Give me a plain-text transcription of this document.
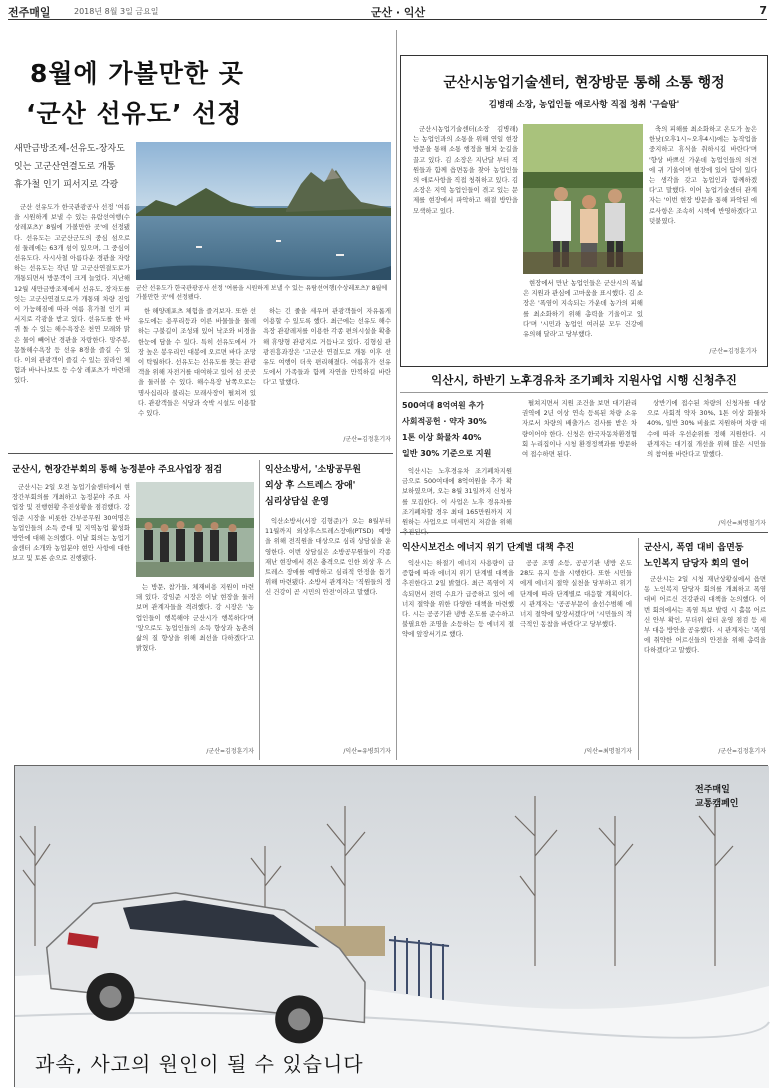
전주매일	2018년 8월 3일 금요일	군산 · 익산	7
8월에 가볼만한 곳
‘군산 선유도’ 선정
새만금방조제-선유도-장자도
잇는 고군산연결도로 개통
휴가철 인기 피서지로 각광
군산 선유도가 한국관광공사 선정 '여름을 시원하게 보낼 수 있는 유람선여행(수상레포츠)' 8월에 가볼만한 곳'에 선정됐다.

군산 선유도가 한국관광공사 선정 '여름을 시원하게 보낼 수 있는 유람선여행(수상레포츠)' 8월에 가볼만한 곳'에 선정됐다. 선유도는 고군산군도의 중심 섬으로 섬 둘레에는 63개 섬이 있으며, 그 중심이 선유도다. 사시사철 아름다운 경관을 자랑하는 선유도는 작년 말 고군산연결도로가 개통되면서 방문객이 크게 늘었다. 지난해 12월 새만금방조제에서 선유도, 장자도를 잇는 고군산연결도로가 개통돼 차량 진입이 가능해짐에 따라 여름 휴가철 인기 피서지로 각광을 받고 있다. 선유도를 한 바퀴 돌 수 있는 해수욕장은 천연 모래와 맑은 물이 빼어난 경관을 자랑한다. 망주봉, 몽돌해수욕장 등 선유 8경을 즐길 수 있다. 이외 관광객이 즐길 수 있는 짚라인 체험과 바나나보트 등 수상 레포츠가 마련돼 있다.

한 해양레포츠 체험을 즐겨보자. 또한 선유도에는 용푸리등과 이른 바물들을 물레하는 구불길이 조성돼 있어 낙조와 비경을 한눈에 담을 수 있다. 특히 선유도에서 가장 높은 봉우리인 대봉에 오르면 바다 조망이 탁월하다. 선유도는 선유도를 찾는 관광객을 위해 자전거를 대여하고 있어 섬 곳곳을 둘러볼 수 있다. 해수욕장 남쪽으로는 명사십리라 불리는 모래사장이 펼쳐져 있다. 관광객들은 식당과 숙박 시설도 이용할 수 있다.

하는 긴 줄을 세우며 관광객들이 자유롭게 이용할 수 있도록 했다. 최근에는 선유도 해수욕장 관광레저를 이용한 각종 편의시설을 확충해 휴양형 관광지로 거듭나고 있다. 김형심 관광진흥과장은 '고군산 연결도로 개통 이후 선유도 여행이 더욱 편리해졌다. 여름휴가 선유도에서 가족들과 함께 자연을 만끽하길 바란다'고 말했다.

/군산=김정훈기자
군산시농업기술센터, 현장방문 통해 소통 행정
김병래 소장, 농업인들 애로사항 직접 청취 '구슬땀'

군산시농업기술센터(소장 김병래)는 농업인과의 소통을 위해 연일 현장방문을 통해 소통 행정을 펼쳐 눈길을 끌고 있다. 김 소장은 지난달 부터 직원들과 함께 읍면동을 찾아 농업인들의 애로사항을 직접 청취하고 있다. 김 소장은 지역 농업인들이 겪고 있는 문제를 현장에서 파악하고 해결 방안을 모색하고 있다.

현장에서 만난 농업인들은 군산시의 폭넓은 지원과 관심에 고마움을 표시했다. 김 소장은 '폭염이 지속되는 가운데 농가의 피해를 최소화하기 위해 총력을 기울이고 있다'며 '시민과 농업인 여러분 모두 건강에 유의해 달라'고 당부했다.

축의 피해를 최소화하고 온도가 높은 한낮(오후1시~오후4시)에는 농작업을 중지하고 휴식을 취하시길 바란다'며 '향상 바쁘신 가운데 농업인들의 의견에 귀 기울이며 현장에 있어 답이 있다는 생각을 갖고 농업인과 함께하겠다'고 말했다. 이어 농업기술센터 관계자는 '이번 현장 방문을 통해 파악된 애로사항은 조속히 시책에 반영하겠다'고 덧붙였다.

/군산=김정훈기자
익산시, 하반기 노후경유차 조기폐차 지원사업 시행 신청추진
500여대 8억여원 추가
사회적공헌 · 약자 30%
1톤 이상 화물차 40%
일반 30% 기준으로 지원

익산시는 노후경유차 조기폐차지원 금으로 500여대에 8억여원을 추가 확보하였으며, 오는 8월 31일까지 신청자를 모집한다. 이 사업은 노후 경유차를 조기폐차할 경우 최대 165만원까지 지원하는 사업으로 미세먼지 저감을 위해 추진된다.

펼쳐지면서 지원 조건을 보면 대기관리권역에 2년 이상 연속 등록된 차량 소유자로서 차량의 배출가스 검사를 받은 차량이어야 한다. 신청은 한국자동차환경협회 누리집이나 시청 환경정책과를 방문하여 접수하면 된다.

상반기에 접수된 차량의 신청자를 대상으로 사회적 약자 30%, 1톤 이상 화물차 40%, 일반 30% 비율로 지원하며 차량 대수에 따라 우선순위를 정해 지원한다. 시 관계자는 대기질 개선을 위해 많은 시민들의 참여를 바란다고 말했다.

/익산=최명철기자
군산시, 현장간부회의 통해 농정분야 주요사업장 점검

군산시는 2일 오전 농업기술센터에서 현장간부회의를 개최하고 농정분야 주요 사업장 및 진행현황 추진상황을 점검했다. 강임준 시장을 비롯한 간부공무원 30여명은 농업인들의 소득 증대 및 지역농업 활성화 방안에 대해 논의했다. 이날 회의는 농업기술센터 소개와 농업분야 현안 사항에 대한 보고 및 토론 순으로 진행됐다.

는 방문, 참가들, 체재비용 지원이 마련돼 있다. 강임준 시장은 이날 현장을 둘러보며 관계자들을 격려했다. 강 시장은 '농업인들이 행복해야 군산시가 행복하다'며 '앞으로도 농업인들의 소득 향상과 농촌의 삶의 질 향상을 위해 최선을 다하겠다'고 밝혔다.

/군산=김정훈기자
익산소방서, '소방공무원
외상 후 스트레스 장애'
심리상담실 운영

익산소방서(서장 김형준)가 오는 8월부터 11월까지 외상후스트레스장애(PTSD) 예방을 위해 전직원을 대상으로 심리 상담실을 운영한다. 이번 상담실은 소방공무원들이 각종 재난 현장에서 겪은 충격으로 인한 외상 후 스트레스 장애를 예방하고 심리적 안정을 돕기 위해 마련됐다. 소방서 관계자는 '직원들의 정신 건강이 곧 시민의 안전'이라고 말했다.

/익산=유병희기자
익산시보건소 에너지 위기 단계별 대책 추진

익산시는 하절기 에너지 사용량이 급증함에 따라 에너지 위기 단계별 대책을 추진한다고 2일 밝혔다. 최근 폭염이 지속되면서 전력 수요가 급증하고 있어 에너지 절약을 위한 다양한 대책을 마련했다. 시는 공공기관 냉방 온도를 준수하고 불필요한 조명을 소등하는 등 에너지 절약에 앞장서기로 했다.

공공 조명 소등, 공공기관 냉방 온도 28도 유지 등을 시행한다. 또한 시민들에게 에너지 절약 실천을 당부하고 위기 단계에 따라 단계별로 대응할 계획이다. 시 관계자는 '공공부문이 솔선수범해 에너지 절약에 앞장서겠다'며 '시민들의 적극적인 동참을 바란다'고 당부했다.

/익산=최명철기자
군산시, 폭염 대비 읍면동
노인복지 담당자 회의 열어

군산시는 2일 시청 재난상황실에서 읍면동 노인복지 담당자 회의를 개최하고 폭염 대비 어르신 건강관리 대책을 논의했다. 이번 회의에서는 폭염 특보 발령 시 홀몸 어르신 안부 확인, 무더위 쉼터 운영 점검 등 세부 대응 방안을 공유했다. 시 관계자는 '폭염에 취약한 어르신들의 안전을 위해 총력을 다하겠다'고 말했다.

/군산=김정훈기자
전주매일
교통캠페인
과속, 사고의 원인이 될 수 있습니다
